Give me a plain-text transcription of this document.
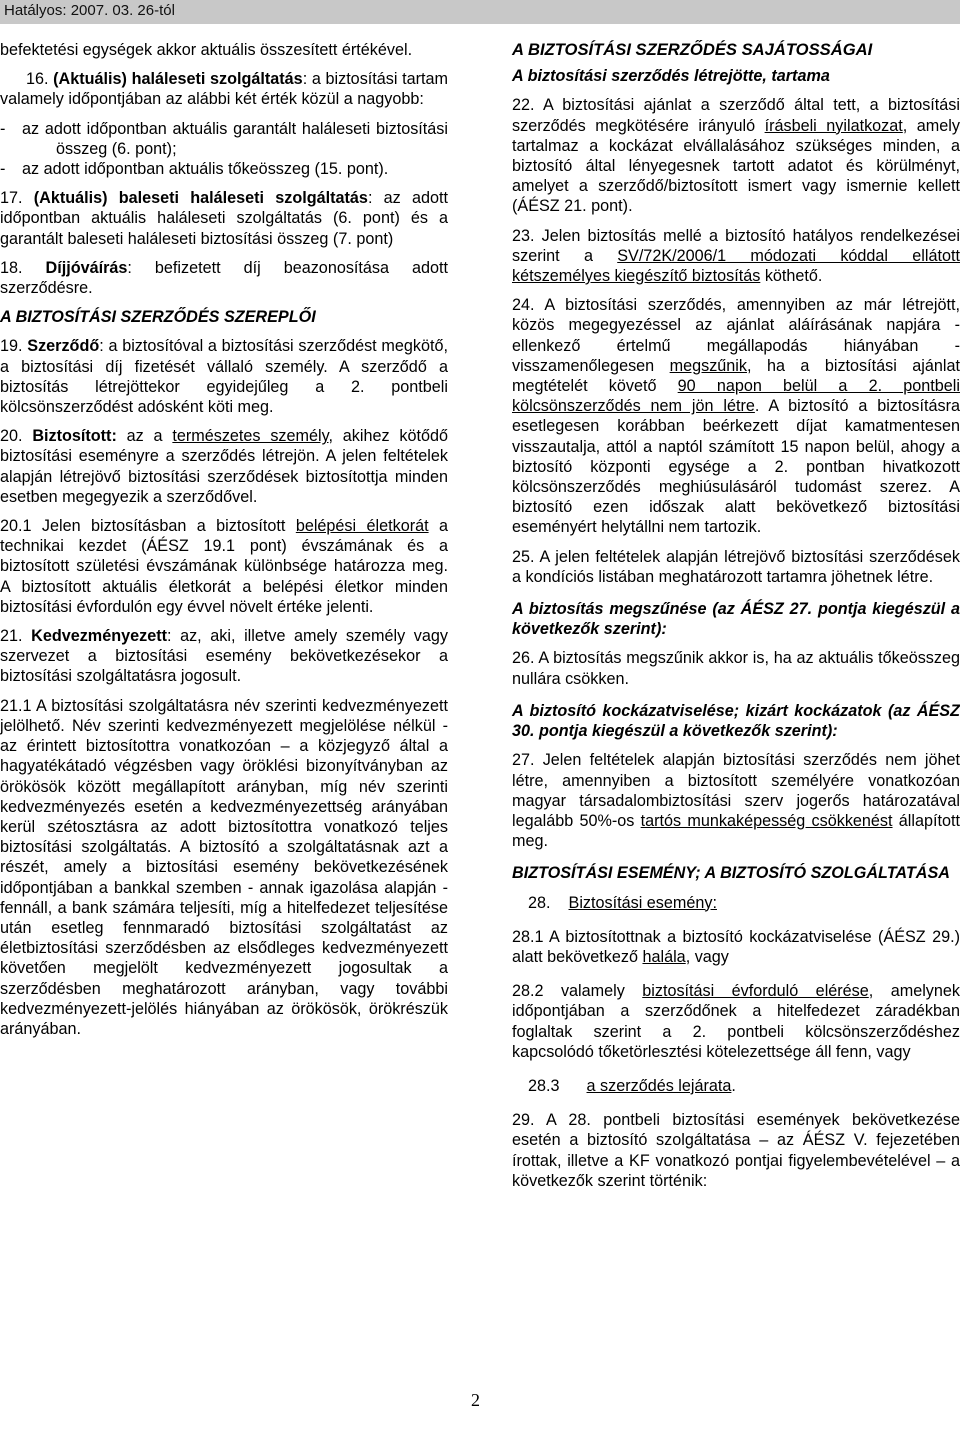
Hatályos: 2007. 03. 26-tól

befektetési egységek akkor aktuális összesített értékével.

16. (Aktuális) haláleseti szolgáltatás: a biztosítási tartam valamely időpontjában az alábbi két érték közül a nagyobb:

- az adott időpontban aktuális garantált haláleseti biztosítási összeg (6. pont);

- az adott időpontban aktuális tőkeösszeg (15. pont).

17. (Aktuális) baleseti haláleseti szolgáltatás: az adott időpontban aktuális haláleseti szolgáltatás (6. pont) és a garantált baleseti haláleseti biztosítási összeg (7. pont)

18. Díjjóváírás: befizetett díj beazonosítása adott szerződésre.

A BIZTOSÍTÁSI SZERZŐDÉS SZEREPLŐI

19. Szerződő: a biztosítóval a biztosítási szerződést megkötő, a biztosítási díj fizetését vállaló személy. A szerződő a biztosítás létrejöttekor egyidejűleg a 2. pontbeli kölcsönszerződést adósként köti meg.

20. Biztosított: az a természetes személy, akihez kötődő biztosítási eseményre a szerződés létrejön. A jelen feltételek alapján létrejövő biztosítási szerződések biztosítottja minden esetben megegyezik a szerződővel.

20.1 Jelen biztosításban a biztosított belépési életkorát a technikai kezdet (ÁÉSZ 19.1 pont) évszámának és a biztosított születési évszámának különbsége határozza meg. A biztosított aktuális életkorát a belépési életkor minden biztosítási évfordulón egy évvel növelt értéke jelenti.

21. Kedvezményezett: az, aki, illetve amely személy vagy szervezet a biztosítási esemény bekövetkezésekor a biztosítási szolgáltatásra jogosult.

21.1 A biztosítási szolgáltatásra név szerinti kedvezményezett jelölhető. Név szerinti kedvezményezett megjelölése nélkül - az érintett biztosítottra vonatkozóan – a közjegyző által a hagyatékátadó végzésben vagy öröklési bizonyítványban az örökösök között megállapított arányban, míg név szerinti kedvezményezés esetén a kedvezményezettség arányában kerül szétosztásra az adott biztosítottra vonatkozó teljes biztosítási szolgáltatás. A biztosító a szolgáltatásnak azt a részét, amely a biztosítási esemény bekövetkezésének időpontjában a bankkal szemben - annak igazolása alapján - fennáll, a bank számára teljesíti, míg a hitelfedezet teljesítése után esetleg fennmaradó biztosítási szolgáltatást az életbiztosítási szerződésben az elsődleges kedvezményezett követően megjelölt kedvezményezett jogosultak a szerződésben meghatározott arányban, vagy további kedvezményezett-jelölés hiányában az örökösök, örökrészük arányában.

A BIZTOSÍTÁSI SZERZŐDÉS SAJÁTOSSÁGAI

A biztosítási szerződés létrejötte, tartama

22. A biztosítási ajánlat a szerződő által tett, a biztosítási szerződés megkötésére irányuló írásbeli nyilatkozat, amely tartalmaz a kockázat elvállalásához szükséges minden, a biztosító által lényegesnek tartott adatot és körülményt, amelyet a szerződő/biztosított ismert vagy ismernie kellett (ÁÉSZ 21. pont).

23. Jelen biztosítás mellé a biztosító hatályos rendelkezései szerint a SV/72K/2006/1 módozati kóddal ellátott kétszemélyes kiegészítő biztosítás köthető.

24. A biztosítási szerződés, amennyiben az már létrejött, közös megegyezéssel az ajánlat aláírásának napjára - ellenkező értelmű megállapodás hiányában - visszamenőlegesen megszűnik, ha a biztosítási ajánlat megtételét követő 90 napon belül a 2. pontbeli kölcsönszerződés nem jön létre. A biztosító a biztosításra esetlegesen korábban beérkezett díjat kamatmentesen visszautalja, attól a naptól számított 15 napon belül, ahogy a biztosító központi egysége a 2. pontban hivatkozott kölcsönszerződés meghiúsulásáról tudomást szerez. A biztosító ezen időszak alatt bekövetkező biztosítási eseményért helytállni nem tartozik.

25. A jelen feltételek alapján létrejövő biztosítási szerződések a kondíciós listában meghatározott tartamra jöhetnek létre.

A biztosítás megszűnése (az ÁÉSZ 27. pontja kiegészül a következők szerint):

26. A biztosítás megszűnik akkor is, ha az aktuális tőkeösszeg nullára csökken.

A biztosító kockázatviselése; kizárt kockázatok (az ÁÉSZ 30. pontja kiegészül a következők szerint):

27. Jelen feltételek alapján biztosítási szerződés nem jöhet létre, amennyiben a biztosított személyére vonatkozóan magyar társadalombiztosítási szerv jogerős határozatával legalább 50%-os tartós munkaképesség csökkenést állapított meg.

BIZTOSÍTÁSI ESEMÉNY; A BIZTOSÍTÓ SZOLGÁLTATÁSA

28. Biztosítási esemény:

28.1 A biztosítottnak a biztosító kockázatviselése (ÁÉSZ 29.) alatt bekövetkező halála, vagy

28.2 valamely biztosítási évforduló elérése, amelynek időpontjában a szerződőnek a hitelfedezet záradékban foglaltak szerint a 2. pontbeli kölcsönszerződéshez kapcsolódó tőketörlesztési kötelezettsége áll fenn, vagy

28.3 a szerződés lejárata.

29. A 28. pontbeli biztosítási események bekövetkezése esetén a biztosító szolgáltatása – az ÁÉSZ V. fejezetében írottak, illetve a KF vonatkozó pontjai figyelembevételével – a következők szerint történik:

2
